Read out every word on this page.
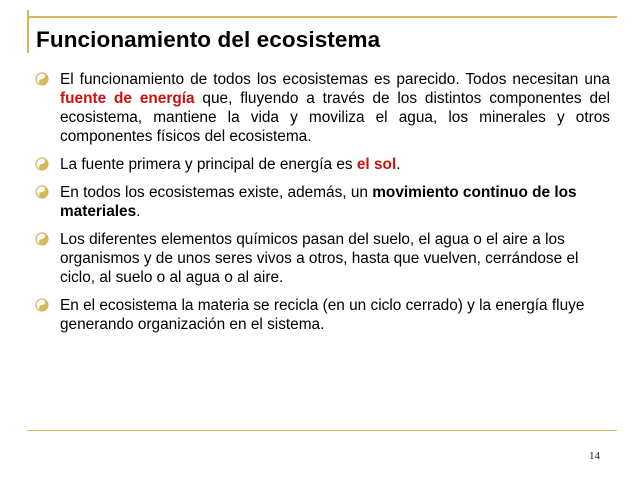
Funcionamiento del ecosistema
El funcionamiento de todos los ecosistemas es parecido. Todos necesitan una fuente de energía que, fluyendo a través de los distintos componentes del ecosistema, mantiene la vida y moviliza el agua, los minerales y otros componentes físicos del ecosistema.
La fuente primera y principal de energía es el sol.
En todos los ecosistemas existe, además, un movimiento continuo de los materiales.
Los diferentes elementos químicos pasan del suelo, el agua o el aire a los organismos y de unos seres vivos a otros, hasta que vuelven, cerrándose el ciclo, al suelo o al agua o al aire.
En el ecosistema la materia se recicla (en un ciclo cerrado) y la energía fluye generando organización en el sistema.
14
